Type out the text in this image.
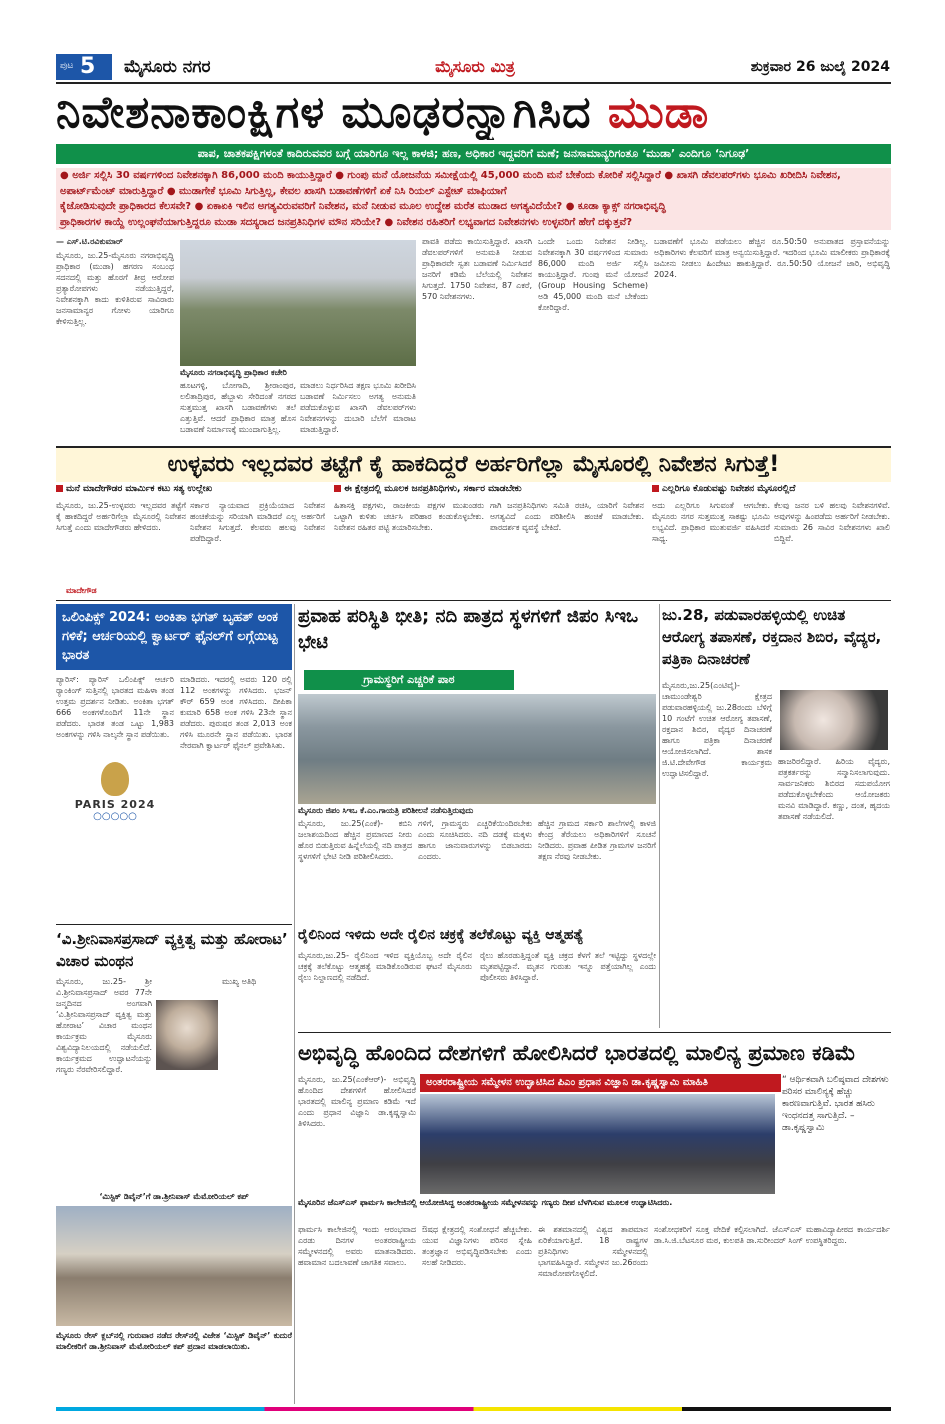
ಪುಟ 5 ಮೈಸೂರು ನಗರ	ಮೈಸೂರು ಮಿತ್ರ	ಶುಕ್ರವಾರ 26 ಜುಲೈ 2024
ನಿವೇಶನಾಕಾಂಕ್ಷಿಗಳ ಮೂಢರನ್ನಾಗಿಸಿದ ಮುಡಾ
ಪಾಪ, ಚಾತಕಪಕ್ಷಿಗಳಂತೆ ಕಾದಿರುವವರ ಬಗ್ಗೆ ಯಾರಿಗೂ ಇಲ್ಲ ಕಾಳಜಿ; ಹಣ, ಅಧಿಕಾರ ಇದ್ದವರಿಗೆ ಮಣೆ; ಜನಸಾಮಾನ್ಯರಿಗಂತೂ ‘ಮುಡಾ’ ಎಂದಿಗೂ ‘ನಿಗೂಢ’
● ಅರ್ಜಿ ಸಲ್ಲಿಸಿ 30 ವರ್ಷಗಳಿಂದ ನಿವೇಶನಕ್ಕಾಗಿ 86,000 ಮಂದಿ ಕಾಯುತ್ತಿದ್ದಾರೆ ● ಗುಂಪು ಮನೆ ಯೋಜನೆಯ ಸಮೀಕ್ಷೆಯಲ್ಲಿ 45,000 ಮಂದಿ ಮನೆ ಬೇಕೆಂದು ಕೋರಿಕೆ ಸಲ್ಲಿಸಿದ್ದಾರೆ ● ಖಾಸಗಿ ಡೆವಲಪರ್‌ಗಳು ಭೂಮಿ ಖರೀದಿಸಿ ನಿವೇಶನ, ಅಪಾರ್ಟ್‌ಮೆಂಟ್ ಮಾರುತ್ತಿದ್ದಾರೆ ● ಮುಡಾಗೇಕೆ ಭೂಮಿ ಸಿಗುತ್ತಿಲ್ಲ, ಕೇವಲ ಖಾಸಗಿ ಬಡಾವಣೆಗಳಿಗೆ ಏಕೆ ನಿಸಿ ರಿಯಲ್ ಎಸ್ಟೇಟ್ ಮಾಫಿಯಾಗೆ
ಕೈಜೋಡಿಸುವುದೇ ಪ್ರಾಧಿಕಾರದ ಕೆಲಸವೇ? ● ಏಕಾಏಕಿ ಇಲಿನ ಅಗತ್ಯವಿರುವವರಿಗೆ ನಿವೇಶನ, ಮನೆ ನೀಡುವ ಮೂಲ ಉದ್ದೇಶ ಮರೆತ ಮುಡಾದ ಅಗತ್ಯವಿದೆಯೇ? ● ಕೂಡಾ ಕ್ಯಾಕ್ಸ್ ನಗರಾಭಿವೃದ್ಧಿ
ಪ್ರಾಧಿಕಾರಗಳ ಕಾಯ್ದೆ ಉಲ್ಲಂಘನೆಯಾಗುತ್ತಿದ್ದರೂ ಮುಡಾ ಸದಸ್ಯರಾದ ಜನಪ್ರತಿನಿಧಿಗಳ ಮೌನ ಸರಿಯೇ? ● ನಿವೇಶನ ರಹಿತರಿಗೆ ಲಭ್ಯವಾಗದ ನಿವೇಶನಗಳು ಉಳ್ಳವರಿಗೆ ಹೇಗೆ ದಕ್ಕುತ್ತವೆ?
— ಎಸ್.ಟಿ.ರವಿಕುಮಾರ್
ಮೈಸೂರು, ಜು.25-ಮೈಸೂರು ನಗರಾಭಿವೃದ್ಧಿ ಪ್ರಾಧಿಕಾರ (ಮುಡಾ) ಹಗರಣ ಸಂಬಂಧ ಸದನದಲ್ಲಿ ಮತ್ತು ಹೊರಗೆ ತೀವ್ರ ಆರೋಪ ಪ್ರತ್ಯಾರೋಪಗಳು ನಡೆಯುತ್ತಿದ್ದರೆ, ನಿವೇಶನಕ್ಕಾಗಿ ಕಾದು ಕುಳಿತಿರುವ ಸಾವಿರಾರು ಜನಸಾಮಾನ್ಯರ ಗೋಳು ಯಾರಿಗೂ ಕೇಳಿಸುತ್ತಿಲ್ಲ.
ಮೈಸೂರು ನಗರಾಭಿವೃದ್ಧಿ ಪ್ರಾಧಿಕಾರ ಕಚೇರಿ
ಹೂಟಗಳ್ಳಿ, ಬೋಗಾದಿ, ಶ್ರೀರಾಂಪುರ, ಲಲಿತಾದ್ರಿಪುರ, ಹೆಬ್ಬಾಳು ಸೇರಿದಂತೆ ನಗರದ ಸುತ್ತಮುತ್ತ ಖಾಸಗಿ ಬಡಾವಣೆಗಳು ತಲೆ ಎತ್ತುತ್ತಿವೆ. ಆದರೆ ಪ್ರಾಧಿಕಾರ ಮಾತ್ರ ಹೊಸ ಬಡಾವಣೆ ನಿರ್ಮಾಣಕ್ಕೆ ಮುಂದಾಗುತ್ತಿಲ್ಲ.
ಮಾಡಲು ನಿರ್ಧರಿಸಿದ ತಕ್ಷಣ ಭೂಮಿ ಖರೀದಿಸಿ ಬಡಾವಣೆ ನಿರ್ಮಿಸಲು ಅಗತ್ಯ ಅನುಮತಿ ಪಡೆದುಕೊಳ್ಳುವ ಖಾಸಗಿ ಡೆವಲಪರ್‌ಗಳು ನಿವೇಶನಗಳನ್ನು ದುಬಾರಿ ಬೆಲೆಗೆ ಮಾರಾಟ ಮಾಡುತ್ತಿದ್ದಾರೆ.
ಪಾವತಿ ಪಡೆದು ಕಾಯಿಸುತ್ತಿದ್ದಾರೆ. ಖಾಸಗಿ ಡೆವಲಪರ್‌ಗಳಿಗೆ ಅನುಮತಿ ನೀಡುವ ಪ್ರಾಧಿಕಾರವೇ ಸ್ವತಃ ಬಡಾವಣೆ ನಿರ್ಮಿಸಿದರೆ ಜನರಿಗೆ ಕಡಿಮೆ ಬೆಲೆಯಲ್ಲಿ ನಿವೇಶನ ಸಿಗುತ್ತದೆ. 1750 ನಿವೇಶನ, 87 ಎಕರೆ, 570 ನಿವೇಶನಗಳು.
ಒಂದೇ ಒಂದು ನಿವೇಶನ ನೀಡಿಲ್ಲ. ನಿವೇಶನಕ್ಕಾಗಿ 30 ವರ್ಷಗಳಿಂದ ಸುಮಾರು 86,000 ಮಂದಿ ಅರ್ಜಿ ಸಲ್ಲಿಸಿ ಕಾಯುತ್ತಿದ್ದಾರೆ. ಗುಂಪು ಮನೆ ಯೋಜನೆ (Group Housing Scheme) ಅಡಿ 45,000 ಮಂದಿ ಮನೆ ಬೇಕೆಂದು ಕೋರಿದ್ದಾರೆ.
ಬಡಾವಣೆಗೆ ಭೂಮಿ ಪಡೆಯಲು ಹೆಚ್ಚಿನ ರೂ.50:50 ಅನುಪಾತದ ಪ್ರಸ್ತಾವನೆಯನ್ನು ಅಧಿಕಾರಿಗಳು ಕೆಲವರಿಗೆ ಮಾತ್ರ ಅನ್ವಯಿಸುತ್ತಿದ್ದಾರೆ. ಇದರಿಂದ ಭೂಮಿ ಮಾಲೀಕರು ಪ್ರಾಧಿಕಾರಕ್ಕೆ ಜಮೀನು ನೀಡಲು ಹಿಂದೇಟು ಹಾಕುತ್ತಿದ್ದಾರೆ. ರೂ.50:50 ಯೋಜನೆ ಜಾರಿ, ಅಭಿವೃದ್ಧಿ 2024.
ಉಳ್ಳವರು ಇಲ್ಲದವರ ತಟ್ಟೆಗೆ ಕೈ ಹಾಕದಿದ್ದರೆ ಅರ್ಹರಿಗೆಲ್ಲಾ ಮೈಸೂರಲ್ಲಿ ನಿವೇಶನ ಸಿಗುತ್ತೆ!
ಮನೆ ಮಾದೇಗೌಡರ ಮಾರ್ಮಿಕ ಕಟು ಸತ್ಯ ಉಲ್ಲೇಖ	ಈ ಕ್ಷೇತ್ರದಲ್ಲಿ ಮೂಲಕ ಜನಪ್ರತಿನಿಧಿಗಳು, ಸರ್ಕಾರ ಮಾಡಬೇಕು	ಎಲ್ಲರಿಗೂ ಕೊಡುವಷ್ಟು ನಿವೇಶನ ಮೈಸೂರಲ್ಲಿದೆ
ಮೈಸೂರು, ಜು.25-ಉಳ್ಳವರು ಇಲ್ಲದವರ ತಟ್ಟೆಗೆ ಕೈ ಹಾಕದಿದ್ದರೆ ಅರ್ಹರಿಗೆಲ್ಲಾ ಮೈಸೂರಲ್ಲಿ ನಿವೇಶನ ಸಿಗುತ್ತೆ ಎಂದು ಮಾದೇಗೌಡರು ಹೇಳಿದರು.
ಸರ್ಕಾರ ನ್ಯಾಯವಾದ ಪ್ರಕ್ರಿಯೆಯಾದ ನಿವೇಶನ ಹಂಚಿಕೆಯನ್ನು ಸರಿಯಾಗಿ ಮಾಡಿದರೆ ಎಲ್ಲ ಅರ್ಹರಿಗೆ ನಿವೇಶನ ಸಿಗುತ್ತದೆ. ಕೆಲವರು ಹಲವು ನಿವೇಶನ ಪಡೆದಿದ್ದಾರೆ.
ಹಿತಾಸಕ್ತಿ ಪಕ್ಷಗಳು, ರಾಜಕೀಯ ಪಕ್ಷಗಳ ಮುಖಂಡರು ಒಟ್ಟಾಗಿ ಕುಳಿತು ಚರ್ಚಿಸಿ ಪರಿಹಾರ ಕಂಡುಕೊಳ್ಳಬೇಕು. ನಿವೇಶನ ರಹಿತರ ಪಟ್ಟಿ ತಯಾರಿಸಬೇಕು.
ಗಾಗಿ ಜನಪ್ರತಿನಿಧಿಗಳು ಸಮಿತಿ ರಚಿಸಿ, ಯಾರಿಗೆ ನಿವೇಶನ ಅಗತ್ಯವಿದೆ ಎಂದು ಪರಿಶೀಲಿಸಿ ಹಂಚಿಕೆ ಮಾಡಬೇಕು. ಪಾರದರ್ಶಕ ವ್ಯವಸ್ಥೆ ಬೇಕಿದೆ.
ಅದು ಎಲ್ಲರಿಗೂ ಸಿಗುವಂತೆ ಆಗಬೇಕು. ಮೈಸೂರು ನಗರ ಸುತ್ತಮುತ್ತ ಸಾಕಷ್ಟು ಭೂಮಿ ಲಭ್ಯವಿದೆ. ಪ್ರಾಧಿಕಾರ ಮುತುವರ್ಜಿ ವಹಿಸಿದರೆ ಸಾಧ್ಯ.
ಕೆಲವು ಜನರ ಬಳಿ ಹಲವು ನಿವೇಶನಗಳಿವೆ. ಅವುಗಳನ್ನು ಹಿಂಪಡೆದು ಅರ್ಹರಿಗೆ ನೀಡಬೇಕು. ಸುಮಾರು 26 ಸಾವಿರ ನಿವೇಶನಗಳು ಖಾಲಿ ಬಿದ್ದಿವೆ.
ಮಾದೇಗೌಡ
ಒಲಿಂಪಿಕ್ಸ್ 2024: ಅಂಕಿತಾ ಭಗತ್ ಬೃಹತ್ ಅಂಕ ಗಳಿಕೆ; ಆರ್ಚರಿಯಲ್ಲಿ ಕ್ವಾರ್ಟರ್ ಫೈನಲ್‌ಗೆ ಲಗ್ಗೆಯಿಟ್ಟ ಭಾರತ
ಪ್ಯಾರಿಸ್: ಪ್ಯಾರಿಸ್ ಒಲಿಂಪಿಕ್ಸ್ ಆರ್ಚರಿ ರ‍್ಯಾಂಕಿಂಗ್ ಸುತ್ತಿನಲ್ಲಿ ಭಾರತದ ಮಹಿಳಾ ತಂಡ ಉತ್ತಮ ಪ್ರದರ್ಶನ ನೀಡಿತು. ಅಂಕಿತಾ ಭಗತ್ 666 ಅಂಕಗಳೊಂದಿಗೆ 11ನೇ ಸ್ಥಾನ ಪಡೆದರು. ಭಾರತ ತಂಡ ಒಟ್ಟು 1,983 ಅಂಕಗಳನ್ನು ಗಳಿಸಿ ನಾಲ್ಕನೇ ಸ್ಥಾನ ಪಡೆಯಿತು.
PARIS 2024
○○○○○
ಮಾಡಿದರು. ಇದರಲ್ಲಿ ಅವರು 120 ರಲ್ಲಿ 112 ಅಂಕಗಳನ್ನು ಗಳಿಸಿದರು. ಭಜನ್ ಕೌರ್ 659 ಅಂಕ ಗಳಿಸಿದರು. ದೀಪಿಕಾ ಕುಮಾರಿ 658 ಅಂಕ ಗಳಿಸಿ 23ನೇ ಸ್ಥಾನ ಪಡೆದರು. ಪುರುಷರ ತಂಡ 2,013 ಅಂಕ ಗಳಿಸಿ ಮೂರನೇ ಸ್ಥಾನ ಪಡೆಯಿತು. ಭಾರತ ನೇರವಾಗಿ ಕ್ವಾರ್ಟರ್ ಫೈನಲ್ ಪ್ರವೇಶಿಸಿತು.
‘ವಿ.ಶ್ರೀನಿವಾಸಪ್ರಸಾದ್ ವ್ಯಕ್ತಿತ್ವ ಮತ್ತು ಹೋರಾಟ’ ವಿಚಾರ ಮಂಥನ
ಮೈಸೂರು, ಜು.25- ಶ್ರೀ ವಿ.ಶ್ರೀನಿವಾಸಪ್ರಸಾದ್ ಅವರ 77ನೇ ಜನ್ಮದಿನದ ಅಂಗವಾಗಿ ‘ವಿ.ಶ್ರೀನಿವಾಸಪ್ರಸಾದ್ ವ್ಯಕ್ತಿತ್ವ ಮತ್ತು ಹೋರಾಟ’ ವಿಚಾರ ಮಂಥನ ಕಾರ್ಯಕ್ರಮ ಮೈಸೂರು ವಿಶ್ವವಿದ್ಯಾನಿಲಯದಲ್ಲಿ ನಡೆಯಲಿದೆ. ಕಾರ್ಯಕ್ರಮದ ಉದ್ಘಾಟನೆಯನ್ನು ಗಣ್ಯರು ನೆರವೇರಿಸಲಿದ್ದಾರೆ.
ಮುಖ್ಯ ಅತಿಥಿ
‘ಮಿಸ್ಟಿಕ್ ಡಿವೈನ್’ಗೆ ಡಾ.ಶ್ರೀನಿವಾಸ್ ಮೆಮೋರಿಯಲ್ ಕಪ್
ಮೈಸೂರು ರೇಸ್ ಕ್ಲಬ್‌ನಲ್ಲಿ ಗುರುವಾರ ನಡೆದ ರೇಸ್‌ನಲ್ಲಿ ವಿಜೇತ ‘ಮಿಸ್ಟಿಕ್ ಡಿವೈನ್’ ಕುದುರೆ ಮಾಲೀಕರಿಗೆ ಡಾ.ಶ್ರೀನಿವಾಸ್ ಮೆಮೋರಿಯಲ್ ಕಪ್ ಪ್ರದಾನ ಮಾಡಲಾಯಿತು.
ಪ್ರವಾಹ ಪರಿಸ್ಥಿತಿ ಭೀತಿ; ನದಿ ಪಾತ್ರದ ಸ್ಥಳಗಳಿಗೆ ಜಿಪಂ ಸಿಇಒ ಭೇಟಿ
ಗ್ರಾಮಸ್ಥರಿಗೆ ಎಚ್ಚರಿಕೆ ಪಾಠ
ಮೈಸೂರು ಜಿಪಂ ಸಿಇಒ ಕೆ.ಎಂ.ಗಾಯತ್ರಿ ಪರಿಶೀಲನೆ ನಡೆಸುತ್ತಿರುವುದು
ಮೈಸೂರು, ಜು.25(ಎಂಕೆ)- ಕಬಿನಿ ಜಲಾಶಯದಿಂದ ಹೆಚ್ಚಿನ ಪ್ರಮಾಣದ ನೀರು ಹೊರ ಬಿಡುತ್ತಿರುವ ಹಿನ್ನೆಲೆಯಲ್ಲಿ ನದಿ ಪಾತ್ರದ ಸ್ಥಳಗಳಿಗೆ ಭೇಟಿ ನೀಡಿ ಪರಿಶೀಲಿಸಿದರು.
ಗಳಿಗೆ, ಗ್ರಾಮಸ್ಥರು ಎಚ್ಚರಿಕೆಯಿಂದಿರಬೇಕು ಎಂದು ಸೂಚಿಸಿದರು. ನದಿ ದಡಕ್ಕೆ ಮಕ್ಕಳು ಹಾಗೂ ಜಾನುವಾರುಗಳನ್ನು ಬಿಡಬಾರದು ಎಂದರು.
ಹೆಚ್ಚಿನ ಗ್ರಾಮದ ಸರ್ಕಾರಿ ಶಾಲೆಗಳಲ್ಲಿ ಕಾಳಜಿ ಕೇಂದ್ರ ತೆರೆಯಲು ಅಧಿಕಾರಿಗಳಿಗೆ ಸೂಚನೆ ನೀಡಿದರು. ಪ್ರವಾಹ ಪೀಡಿತ ಗ್ರಾಮಗಳ ಜನರಿಗೆ ತಕ್ಷಣ ನೆರವು ನೀಡಬೇಕು.
ರೈಲಿನಿಂದ ಇಳಿದು ಅದೇ ರೈಲಿನ ಚಕ್ರಕ್ಕೆ ತಲೆಕೊಟ್ಟು ವ್ಯಕ್ತಿ ಆತ್ಮಹತ್ಯೆ
ಮೈಸೂರು,ಜು.25- ರೈಲಿನಿಂದ ಇಳಿದ ವ್ಯಕ್ತಿಯೊಬ್ಬ ಅದೇ ರೈಲಿನ ಚಕ್ರಕ್ಕೆ ತಲೆಕೊಟ್ಟು ಆತ್ಮಹತ್ಯೆ ಮಾಡಿಕೊಂಡಿರುವ ಘಟನೆ ಮೈಸೂರು ರೈಲು ನಿಲ್ದಾಣದಲ್ಲಿ ನಡೆದಿದೆ.
ರೈಲು ಹೊರಡುತ್ತಿದ್ದಂತೆ ವ್ಯಕ್ತಿ ಚಕ್ರದ ಕೆಳಗೆ ತಲೆ ಇಟ್ಟಿದ್ದು ಸ್ಥಳದಲ್ಲೇ ಮೃತಪಟ್ಟಿದ್ದಾನೆ. ಮೃತನ ಗುರುತು ಇನ್ನೂ ಪತ್ತೆಯಾಗಿಲ್ಲ ಎಂದು ಪೊಲೀಸರು ತಿಳಿಸಿದ್ದಾರೆ.
ಜು.28, ಪಡುವಾರಹಳ್ಳಿಯಲ್ಲಿ ಉಚಿತ ಆರೋಗ್ಯ ತಪಾಸಣೆ, ರಕ್ತದಾನ ಶಿಬಿರ, ವೈದ್ಯರ, ಪತ್ರಿಕಾ ದಿನಾಚರಣೆ
ಮೈಸೂರು,ಜು.25(ಎಂಟಿವೈ)-ಚಾಮುಂಡೇಶ್ವರಿ ಕ್ಷೇತ್ರದ ಪಡುವಾರಹಳ್ಳಿಯಲ್ಲಿ ಜು.28ರಂದು ಬೆಳಿಗ್ಗೆ 10 ಗಂಟೆಗೆ ಉಚಿತ ಆರೋಗ್ಯ ತಪಾಸಣೆ, ರಕ್ತದಾನ ಶಿಬಿರ, ವೈದ್ಯರ ದಿನಾಚರಣೆ ಹಾಗೂ ಪತ್ರಿಕಾ ದಿನಾಚರಣೆ ಆಯೋಜಿಸಲಾಗಿದೆ. ಶಾಸಕ ಜಿ.ಟಿ.ದೇವೇಗೌಡ ಕಾರ್ಯಕ್ರಮ ಉದ್ಘಾಟಿಸಲಿದ್ದಾರೆ.
ಹಾಜರಿರಲಿದ್ದಾರೆ. ಹಿರಿಯ ವೈದ್ಯರು, ಪತ್ರಕರ್ತರನ್ನು ಸನ್ಮಾನಿಸಲಾಗುವುದು. ಸಾರ್ವಜನಿಕರು ಶಿಬಿರದ ಸದುಪಯೋಗ ಪಡೆದುಕೊಳ್ಳಬೇಕೆಂದು ಆಯೋಜಕರು ಮನವಿ ಮಾಡಿದ್ದಾರೆ. ಕಣ್ಣು, ದಂತ, ಹೃದಯ ತಪಾಸಣೆ ನಡೆಯಲಿದೆ.
ಅಭಿವೃದ್ಧಿ ಹೊಂದಿದ ದೇಶಗಳಿಗೆ ಹೋಲಿಸಿದರೆ ಭಾರತದಲ್ಲಿ ಮಾಲಿನ್ಯ ಪ್ರಮಾಣ ಕಡಿಮೆ
ಮೈಸೂರು, ಜು.25(ಎಂಕೆಆರ್)- ಅಭಿವೃದ್ಧಿ ಹೊಂದಿದ ದೇಶಗಳಿಗೆ ಹೋಲಿಸಿದರೆ ಭಾರತದಲ್ಲಿ ಮಾಲಿನ್ಯ ಪ್ರಮಾಣ ಕಡಿಮೆ ಇದೆ ಎಂದು ಪ್ರಧಾನ ವಿಜ್ಞಾನಿ ಡಾ.ಕೃಷ್ಣಸ್ವಾಮಿ ತಿಳಿಸಿದರು.
ಅಂತರರಾಷ್ಟ್ರೀಯ ಸಮ್ಮೇಳನ ಉದ್ಘಾಟಿಸಿದ ಪಿಎಂ ಪ್ರಧಾನ ವಿಜ್ಞಾನಿ ಡಾ.ಕೃಷ್ಣಸ್ವಾಮಿ ಮಾಹಿತಿ	“ ಆರ್ಥಿಕವಾಗಿ ಬಲಿಷ್ಠವಾದ ದೇಶಗಳು ಪರಿಸರ ಮಾಲಿನ್ಯಕ್ಕೆ ಹೆಚ್ಚು ಕಾರಣವಾಗುತ್ತಿವೆ. ಭಾರತ ಹಸಿರು ಇಂಧನದತ್ತ ಸಾಗುತ್ತಿದೆ. – ಡಾ.ಕೃಷ್ಣಸ್ವಾಮಿ
ಮೈಸೂರಿನ ಜೆಎಸ್‌ಎಸ್ ಫಾರ್ಮಸಿ ಕಾಲೇಜಿನಲ್ಲಿ ಆಯೋಜಿಸಿದ್ದ ಅಂತರರಾಷ್ಟ್ರೀಯ ಸಮ್ಮೇಳನವನ್ನು ಗಣ್ಯರು ದೀಪ ಬೆಳಗಿಸುವ ಮೂಲಕ ಉದ್ಘಾಟಿಸಿದರು.
ಫಾರ್ಮಸಿ ಕಾಲೇಜಿನಲ್ಲಿ ಇಂದು ಆರಂಭವಾದ ಎರಡು ದಿನಗಳ ಅಂತರರಾಷ್ಟ್ರೀಯ ಸಮ್ಮೇಳನದಲ್ಲಿ ಅವರು ಮಾತನಾಡಿದರು. ಹವಾಮಾನ ಬದಲಾವಣೆ ಜಾಗತಿಕ ಸವಾಲು.
ಔಷಧ ಕ್ಷೇತ್ರದಲ್ಲಿ ಸಂಶೋಧನೆ ಹೆಚ್ಚಬೇಕು. ಯುವ ವಿಜ್ಞಾನಿಗಳು ಪರಿಸರ ಸ್ನೇಹಿ ತಂತ್ರಜ್ಞಾನ ಅಭಿವೃದ್ಧಿಪಡಿಸಬೇಕು ಎಂದು ಸಲಹೆ ನೀಡಿದರು.
ಈ ಶತಮಾನದಲ್ಲಿ ವಿಶ್ವದ ತಾಪಮಾನ ಏರಿಕೆಯಾಗುತ್ತಿದೆ. 18 ರಾಷ್ಟ್ರಗಳ ಪ್ರತಿನಿಧಿಗಳು ಸಮ್ಮೇಳನದಲ್ಲಿ ಭಾಗವಹಿಸಿದ್ದಾರೆ. ಸಮ್ಮೇಳನ ಜು.26ರಂದು ಸಮಾರೋಪಗೊಳ್ಳಲಿದೆ.
ಸಂಶೋಧಕರಿಗೆ ಸೂಕ್ತ ವೇದಿಕೆ ಕಲ್ಪಿಸಲಾಗಿದೆ. ಜೆಎಸ್‌ಎಸ್ ಮಹಾವಿದ್ಯಾಪೀಠದ ಕಾರ್ಯದರ್ಶಿ ಡಾ.ಸಿ.ಜಿ.ಬೆಟಸೂರ ಮಠ, ಕುಲಪತಿ ಡಾ.ಸುರೀಂದರ್ ಸಿಂಗ್ ಉಪಸ್ಥಿತರಿದ್ದರು.
